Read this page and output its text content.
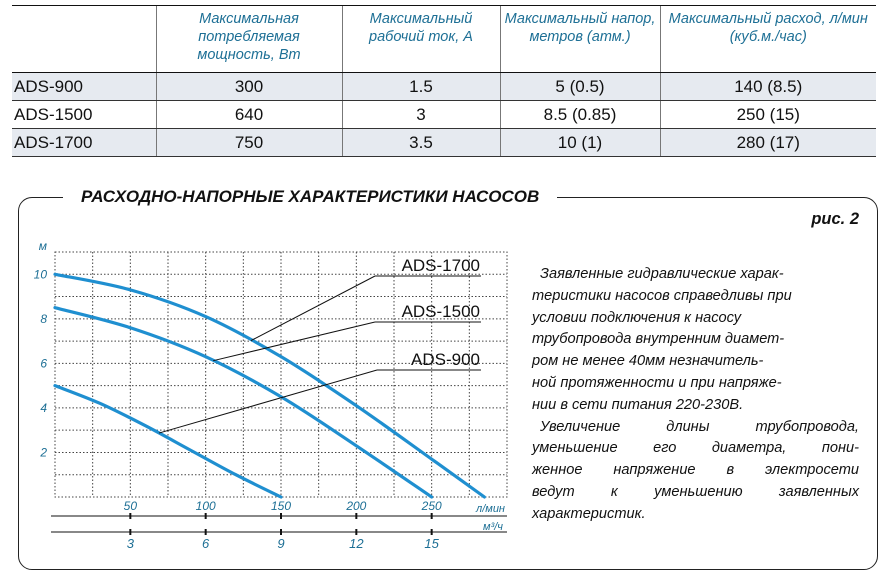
	Максимальная потребляемая мощность, Вт	Максимальный рабочий ток, А	Максимальный напор, метров (атм.)	Максимальный расход, л/мин (куб.м./час)
ADS-900	300	1.5	5 (0.5)	140 (8.5)
ADS-1500	640	3	8.5 (0.85)	250 (15)
ADS-1700	750	3.5	10 (1)	280 (17)
РАСХОДНО-НАПОРНЫЕ ХАРАКТЕРИСТИКИ НАСОСОВ
рис. 2
м
2
4
6
8
10
50	100	150	200	250
3	6	9	12	15
л/мин
м³/ч
ADS-1700
ADS-1500
ADS-900

Заявленные гидравлические харак-
теристики насосов справедливы при
условии подключения к насосу
трубопровода внутренним диамет-
ром не менее 40мм незначитель-
ной протяженности и при напряже-
нии в сети питания 220-230В.

Увеличение длины трубопровода,
уменьшение его диаметра, пони-
женное напряжение в электросети
ведут к уменьшению заявленных
характеристик.
